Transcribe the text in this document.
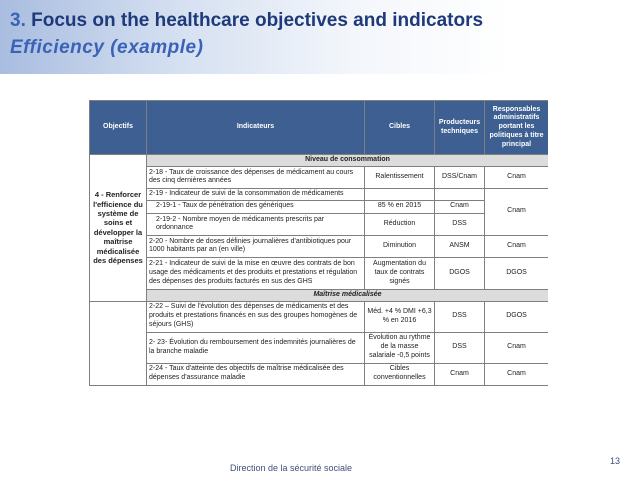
3. Focus on the healthcare objectives and indicators
Efficiency (example)
Objectifs	Indicateurs	Cibles	Producteurs techniques	Responsables administratifs portant les politiques à titre principal
4 - Renforcer l'efficience du système de soins et développer la maîtrise médicalisée des dépenses	Niveau de consommation			
	2-18 - Taux de croissance des dépenses de médicament au cours des cinq dernières années	Ralentissement	DSS/Cnam	Cnam
	2-19 - Indicateur de suivi de la consommation de médicaments			Cnam
	2-19-1 - Taux de pénétration des génériques	85 % en 2015	Cnam	
	2-19-2 - Nombre moyen de médicaments prescrits par ordonnance	Réduction	DSS	
	2-20 - Nombre de doses définies journalières d'antibiotiques pour 1000 habitants par an (en ville)	Diminution	ANSM	Cnam
	2-21 - Indicateur de suivi de la mise en œuvre des contrats de bon usage des médicaments et des produits et prestations et régulation des dépenses des produits facturés en sus des GHS	Augmentation du taux de contrats signés	DGOS	DGOS
	Maîtrise médicalisée			
	2-22 – Suivi de l'évolution des dépenses de médicaments et des produits et prestations financés en sus des groupes homogènes de séjours (GHS)	Méd. +4 % DMI +6,3 % en 2016	DSS	DGOS
	2- 23- Évolution du remboursement des indemnités journalières de la branche maladie	Évolution au rythme de la masse salariale -0,5 points	DSS	Cnam
	2-24 - Taux d'atteinte des objectifs de maîtrise médicalisée des dépenses d'assurance maladie	Cibles conventionnelles	Cnam	Cnam
Direction de la sécurité sociale
13
